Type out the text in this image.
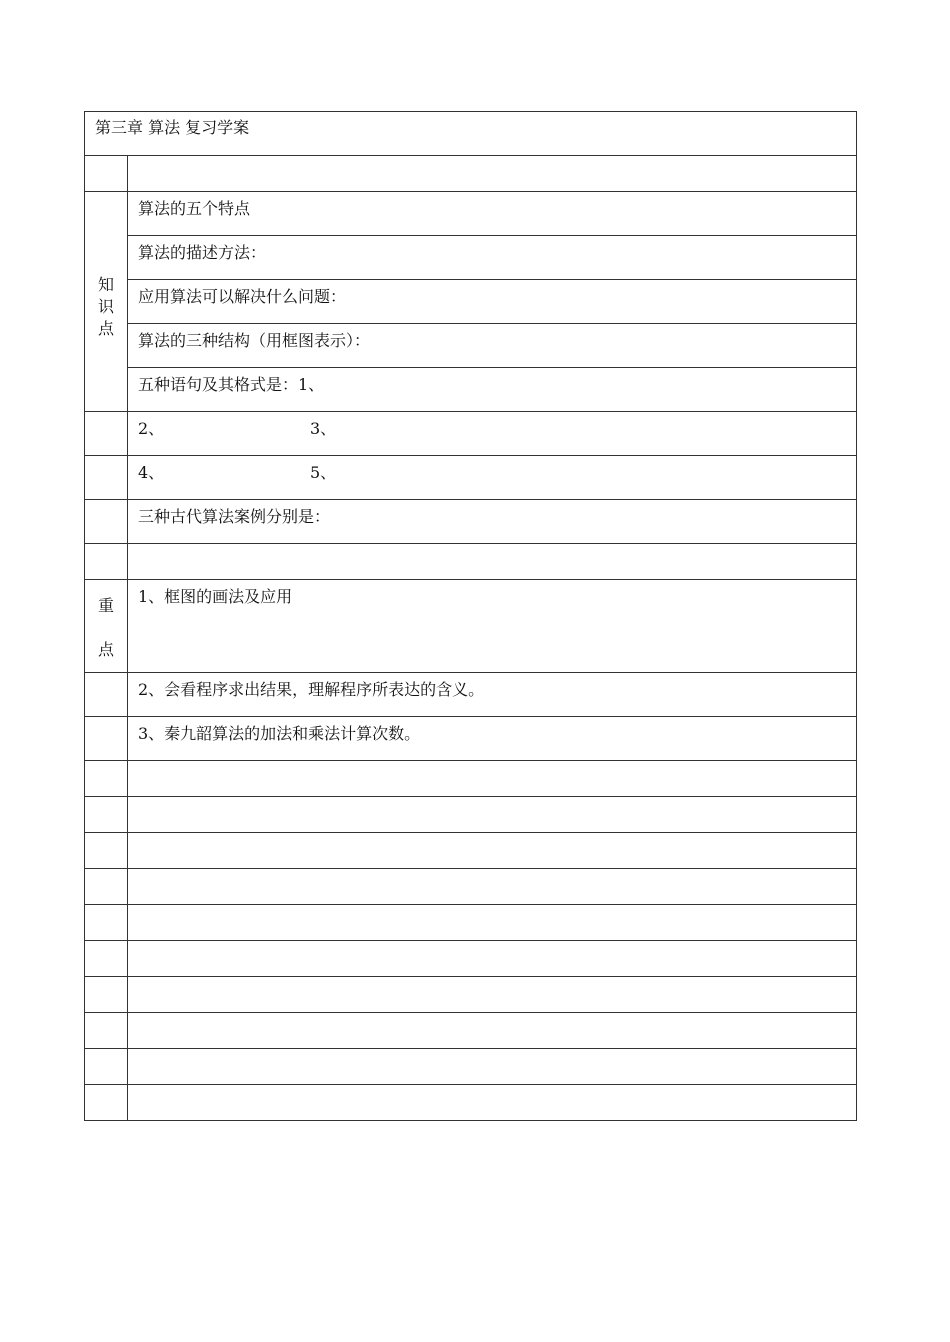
第三章 算法 复习学案	

知
识
点	算法的五个特点
	算法的描述方法：
	应用算法可以解决什么问题：
	算法的三种结构（用框图表示）：
	五种语句及其格式是：1、
	2、 3、
	4、 5、
	三种古代算法案例分别是：

重
点	1、框图的画法及应用
	2、会看程序求出结果，理解程序所表达的含义。
	3、秦九韶算法的加法和乘法计算次数。
